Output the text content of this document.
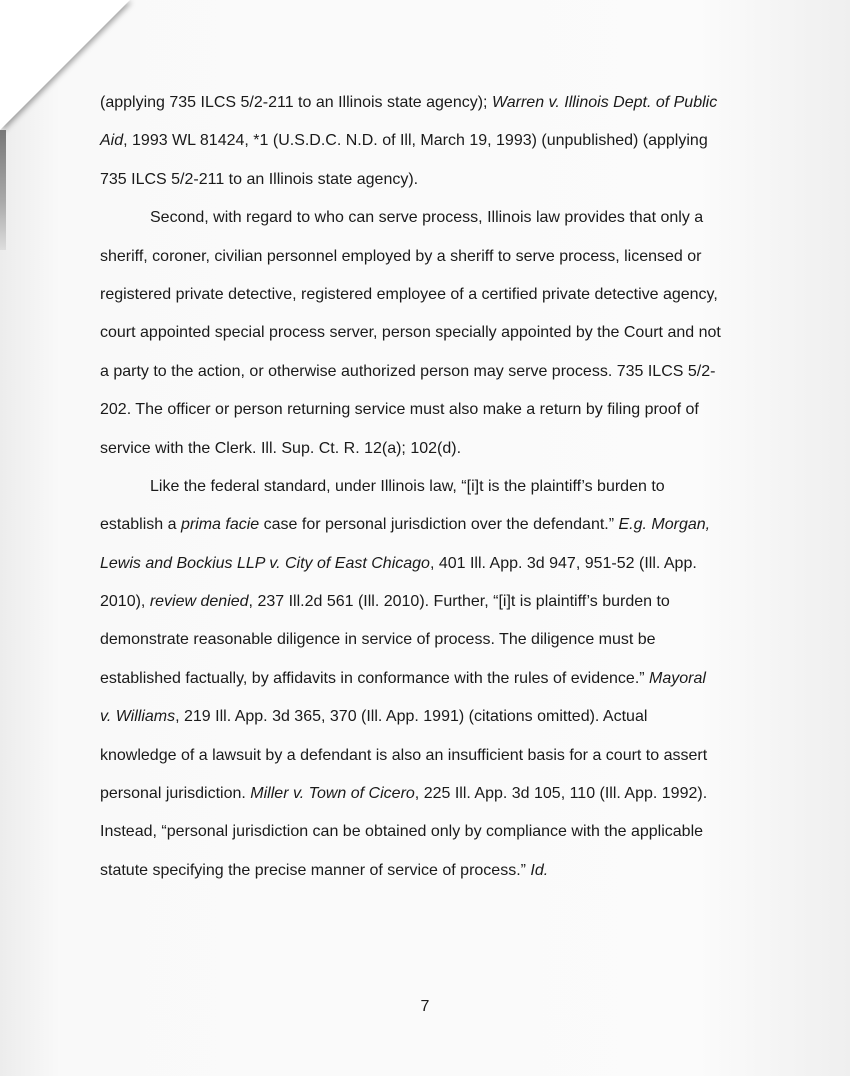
(applying 735 ILCS 5/2-211 to an Illinois state agency); Warren v. Illinois Dept. of Public
Aid, 1993 WL 81424, *1 (U.S.D.C. N.D. of Ill, March 19, 1993) (unpublished) (applying
735 ILCS 5/2-211 to an Illinois state agency).
Second, with regard to who can serve process, Illinois law provides that only a
sheriff, coroner, civilian personnel employed by a sheriff to serve process, licensed or
registered private detective, registered employee of a certified private detective agency,
court appointed special process server, person specially appointed by the Court and not
a party to the action, or otherwise authorized person may serve process. 735 ILCS 5/2-
202. The officer or person returning service must also make a return by filing proof of
service with the Clerk. Ill. Sup. Ct. R. 12(a); 102(d).
Like the federal standard, under Illinois law, “[i]t is the plaintiff’s burden to
establish a prima facie case for personal jurisdiction over the defendant.” E.g. Morgan,
Lewis and Bockius LLP v. City of East Chicago, 401 Ill. App. 3d 947, 951-52 (Ill. App.
2010), review denied, 237 Ill.2d 561 (Ill. 2010). Further, “[i]t is plaintiff’s burden to
demonstrate reasonable diligence in service of process. The diligence must be
established factually, by affidavits in conformance with the rules of evidence.” Mayoral
v. Williams, 219 Ill. App. 3d 365, 370 (Ill. App. 1991) (citations omitted). Actual
knowledge of a lawsuit by a defendant is also an insufficient basis for a court to assert
personal jurisdiction. Miller v. Town of Cicero, 225 Ill. App. 3d 105, 110 (Ill. App. 1992).
Instead, “personal jurisdiction can be obtained only by compliance with the applicable
statute specifying the precise manner of service of process.” Id.
7
